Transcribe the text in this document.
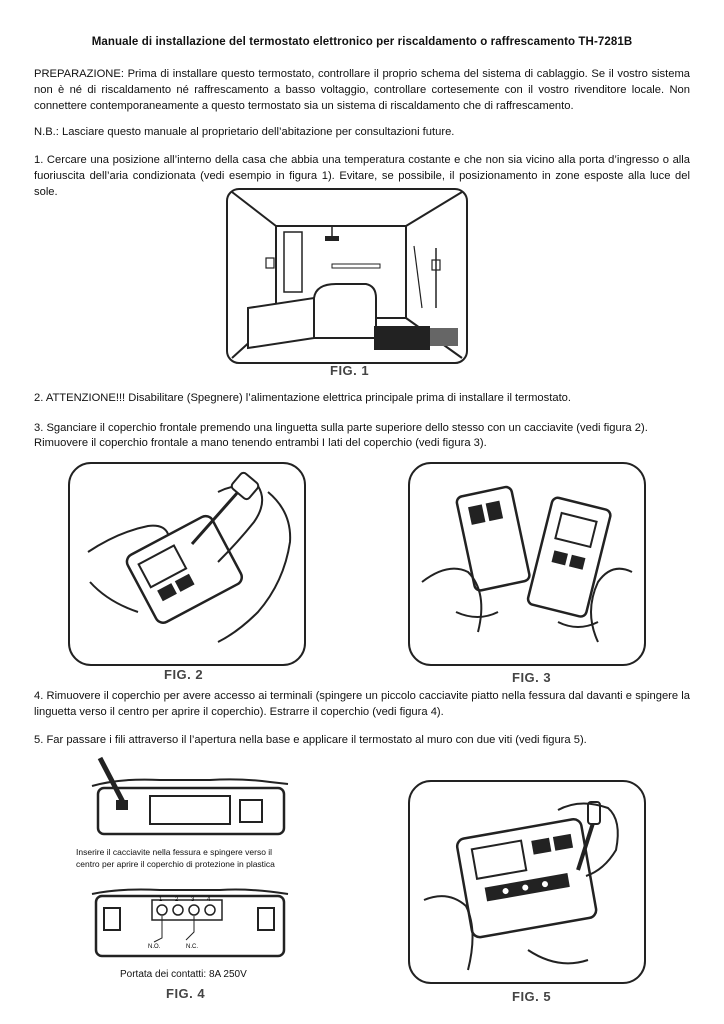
Manuale di installazione del termostato elettronico per riscaldamento o raffrescamento TH-7281B
PREPARAZIONE: Prima di installare questo termostato, controllare il proprio schema del sistema di cablaggio. Se il vostro sistema non è né di riscaldamento né raffrescamento a basso voltaggio, controllare cortesemente con il vostro rivenditore locale. Non connettere contemporaneamente a questo termostato sia un sistema di riscaldamento che di raffrescamento.
N.B.: Lasciare questo manuale al proprietario dell’abitazione per consultazioni future.
1. Cercare una posizione all’interno della casa che abbia una temperatura costante e che non sia vicino alla porta d’ingresso o alla fuoriuscita dell’aria condizionata (vedi esempio in figura 1). Evitare, se possibile, il posizionamento in zone esposte alla luce del sole.
FIG. 1
2. ATTENZIONE!!! Disabilitare (Spegnere) l’alimentazione elettrica principale prima di installare il termostato.
3. Sganciare il coperchio frontale premendo una linguetta sulla parte superiore dello stesso con un cacciavite (vedi figura 2).
Rimuovere il coperchio frontale a mano tenendo entrambi I lati del coperchio (vedi figura 3).
FIG. 2	FIG. 3
4. Rimuovere il coperchio per avere accesso ai terminali (spingere un piccolo cacciavite piatto nella fessura dal davanti e spingere la linguetta verso il centro per aprire il coperchio). Estrarre il coperchio (vedi figura 4).
5. Far passare i fili attraverso il l’apertura nella base e applicare il termostato al muro con due viti (vedi figura 5).
Inserire il cacciavite nella fessura e spingere verso il
centro per aprire il coperchio di protezione in plastica
1 2 3 4
N.O.	N.C.
Portata dei contatti: 8A 250V
FIG. 4	FIG. 5
